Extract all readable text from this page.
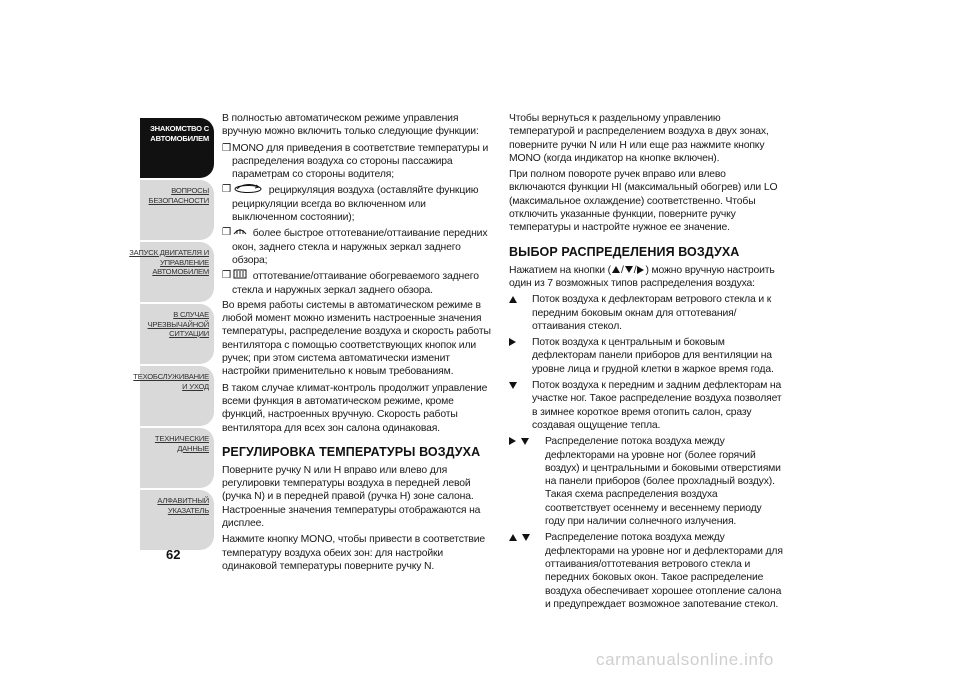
ЗНАКОМСТВО С
АВТОМОБИЛЕМ
ВОПРОСЫ
БЕЗОПАСНОСТИ
ЗАПУСК ДВИГАТЕЛЯ И
УПРАВЛЕНИЕ
АВТОМОБИЛЕМ
В СЛУЧАЕ
ЧРЕЗВЫЧАЙНОЙ
СИТУАЦИИ
ТЕХОБСЛУЖИВАНИЕ
И УХОД
ТЕХНИЧЕСКИЕ
ДАННЫЕ
АЛФАВИТНЫЙ
УКАЗАТЕЛЬ
62

В полностью автоматическом режиме управления вручную можно включить только следующие функции:

❒ MONO для приведения в соответствие температуры и распределения воздуха со стороны пассажира параметрам со стороны водителя;
❒	рециркуляция воздуха (оставляйте функцию рециркуляции всегда во включенном или выключенном состоянии);
❒ более быстрое оттотевание/оттаивание передних окон, заднего стекла и наружных зеркал заднего обзора;
❒ оттотевание/оттаивание обогреваемого заднего стекла и наружных зеркал заднего обзора.

Во время работы системы в автоматическом режиме в любой момент можно изменить настроенные значения температуры, распределение воздуха и скорость работы вентилятора с помощью соответствующих кнопок или ручек; при этом система автоматически изменит настройки применительно к новым требованиям.

В таком случае климат-контроль продолжит управление всеми функция в автоматическом режиме, кроме функций, настроенных вручную. Скорость работы вентилятора для всех зон салона одинаковая.

РЕГУЛИРОВКА ТЕМПЕРАТУРЫ ВОЗДУХА

Поверните ручку N или H вправо или влево для регулировки температуры воздуха в передней левой (ручка N) и в передней правой (ручка H) зоне салона. Настроенные значения температуры отображаются на дисплее.

Нажмите кнопку MONO, чтобы привести в соответствие температуру воздуха обеих зон: для настройки одинаковой температуры поверните ручку N.

Чтобы вернуться к раздельному управлению температурой и распределением воздуха в двух зонах, поверните ручки N или H или еще раз нажмите кнопку MONO (когда индикатор на кнопке включен).

При полном повороте ручек вправо или влево включаются функции HI (максимальный обогрев) или LO (максимальное охлаждение) соответственно. Чтобы отключить указанные функции, поверните ручку температуры и настройте нужное ее значение.

ВЫБОР РАСПРЕДЕЛЕНИЯ ВОЗДУХА

Нажатием на кнопки ( / / ) можно вручную настроить один из 7 возможных типов распределения воздуха:

Поток воздуха к дефлекторам ветрового стекла и к передним боковым окнам для оттотевания/оттаивания стекол.
Поток воздуха к центральным и боковым дефлекторам панели приборов для вентиляции на уровне лица и грудной клетки в жаркое время года.
Поток воздуха к передним и задним дефлекторам на участке ног. Такое распределение воздуха позволяет в зимнее короткое время отопить салон, сразу создавая ощущение тепла.
Распределение потока воздуха между дефлекторами на уровне ног (более горячий воздух) и центральными и боковыми отверстиями на панели приборов (более прохладный воздух). Такая схема распределения воздуха соответствует осеннему и весеннему периоду году при наличии солнечного излучения.
Распределение потока воздуха между дефлекторами на уровне ног и дефлекторами для оттаивания/оттотевания ветрового стекла и передних боковых окон. Такое распределение воздуха обеспечивает хорошее отопление салона и предупреждает возможное запотевание стекол.
carmanualsonline.info
